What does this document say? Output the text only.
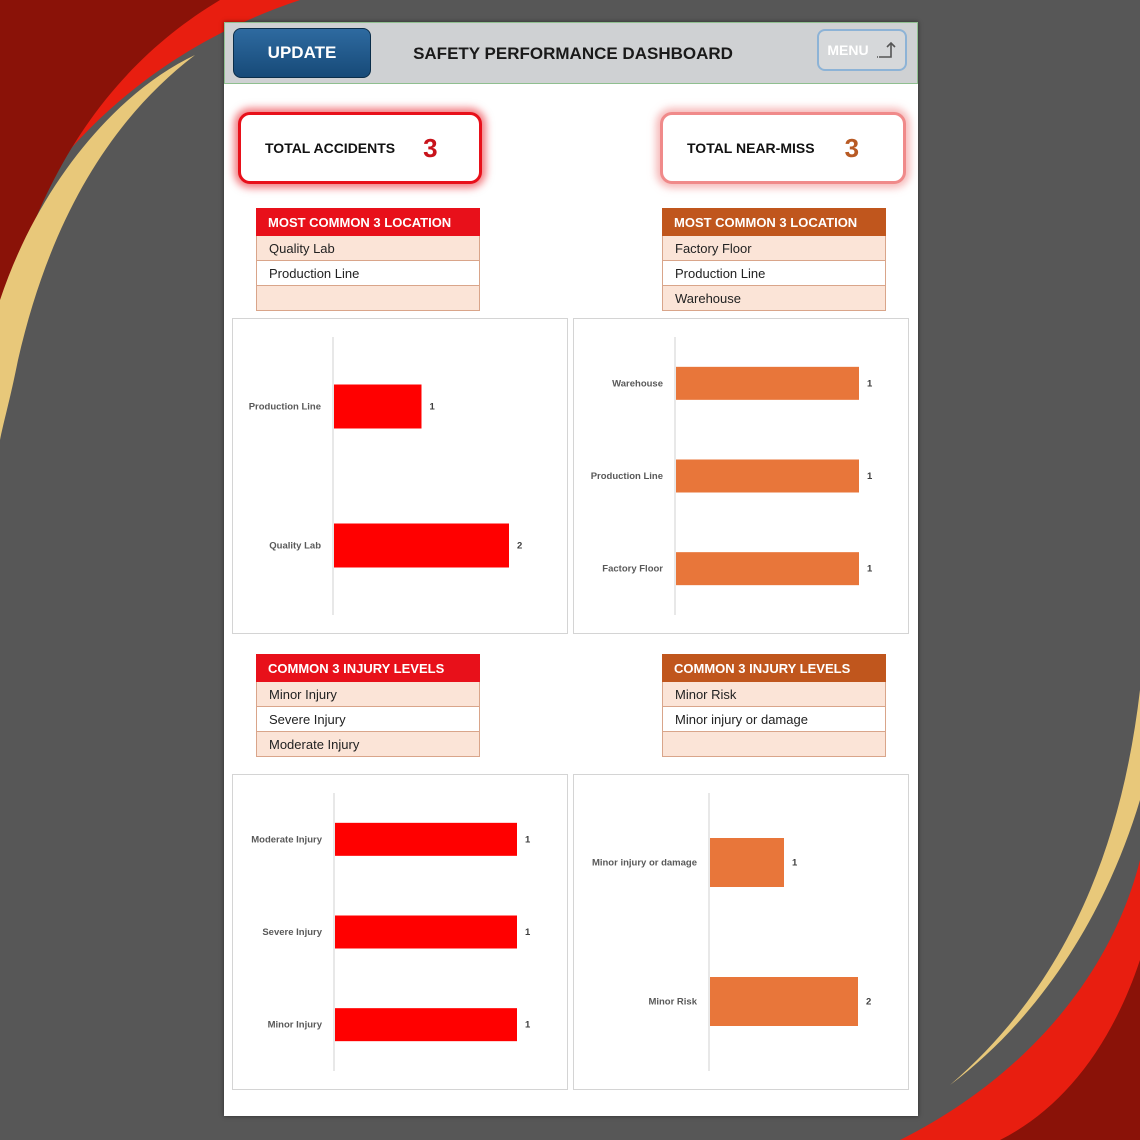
UPDATE	SAFETY PERFORMANCE DASHBOARD	MENU
TOTAL ACCIDENTS 3	TOTAL NEAR-MISS 3
MOST COMMON 3 LOCATION
Quality Lab
Production Line
MOST COMMON 3 LOCATION
Factory Floor
Production Line
Warehouse
Production Line	1
Quality Lab	2
Warehouse	1
Production Line	1
Factory Floor	1
COMMON 3 INJURY LEVELS
Minor Injury
Severe Injury
Moderate Injury
COMMON 3 INJURY LEVELS
Minor Risk
Minor injury or damage
Moderate Injury	1
Severe Injury	1
Minor Injury	1
Minor injury or damage	1
Minor Risk	2
